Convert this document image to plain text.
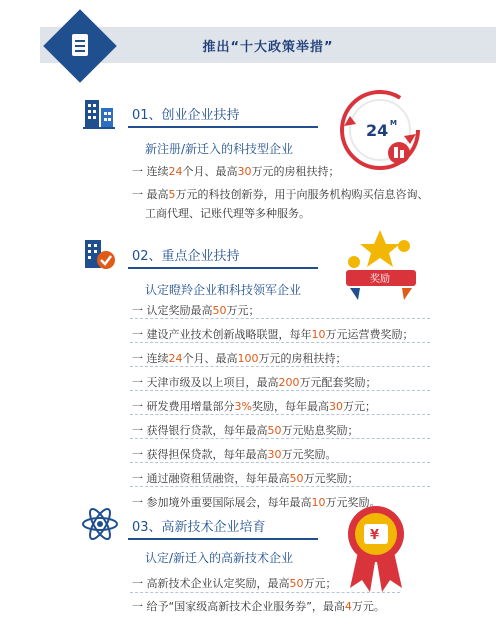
推出“十大政策举措”
01、创业企业扶持
24 M
新注册/新迁入的科技型企业
一 连续24个月、最高30万元的房租扶持；
一 最高5万元的科技创新券，用于向服务机构购买信息咨询、
工商代理、记账代理等多种服务。
02、重点企业扶持
奖励
认定瞪羚企业和科技领军企业
一 认定奖励最高50万元；
一 建设产业技术创新战略联盟，每年10万元运营费奖励；
一 连续24个月、最高100万元的房租扶持；
一 天津市级及以上项目，最高200万元配套奖励；
一 研发费用增量部分3%奖励，每年最高30万元；
一 获得银行贷款，每年最高50万元贴息奖励；
一 获得担保贷款，每年最高30万元奖励。
一 通过融资租赁融资，每年最高50万元奖励；
一 参加境外重要国际展会，每年最高10万元奖励。
03、高新技术企业培育
¥
认定/新迁入的高新技术企业
一 高新技术企业认定奖励，最高50万元；
一 给予“国家级高新技术企业服务券”，最高4万元。
